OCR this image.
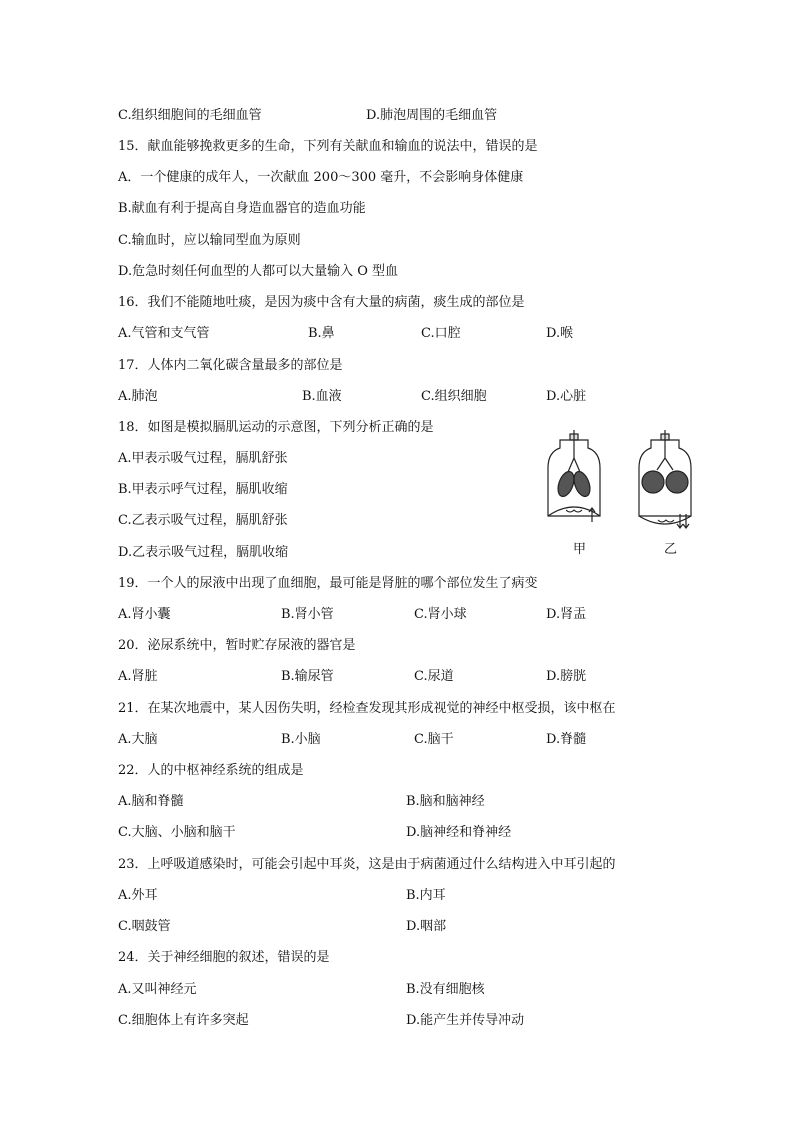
C.组织细胞间的毛细血管	D.肺泡周围的毛细血管
15．献血能够挽救更多的生命，下列有关献血和输血的说法中，错误的是
A．一个健康的成年人，一次献血 200～300 毫升，不会影响身体健康
B.献血有利于提高自身造血器官的造血功能
C.输血时，应以输同型血为原则
D.危急时刻任何血型的人都可以大量输入 O 型血
16．我们不能随地吐痰，是因为痰中含有大量的病菌，痰生成的部位是
A.气管和支气管	B.鼻	C.口腔	D.喉
17．人体内二氧化碳含量最多的部位是
A.肺泡	B.血液	C.组织细胞	D.心脏
18．如图是模拟膈肌运动的示意图，下列分析正确的是
A.甲表示吸气过程，膈肌舒张
B.甲表示呼气过程，膈肌收缩
C.乙表示吸气过程，膈肌舒张
D.乙表示吸气过程，膈肌收缩	甲	乙
19．一个人的尿液中出现了血细胞，最可能是肾脏的哪个部位发生了病变
A.肾小囊	B.肾小管	C.肾小球	D.肾盂
20．泌尿系统中，暂时贮存尿液的器官是
A.肾脏	B.输尿管	C.尿道	D.膀胱
21．在某次地震中，某人因伤失明，经检查发现其形成视觉的神经中枢受损，该中枢在
A.大脑	B.小脑	C.脑干	D.脊髓
22．人的中枢神经系统的组成是
A.脑和脊髓	B.脑和脑神经
C.大脑、小脑和脑干	D.脑神经和脊神经
23．上呼吸道感染时，可能会引起中耳炎，这是由于病菌通过什么结构进入中耳引起的
A.外耳	B.内耳
C.咽鼓管	D.咽部
24．关于神经细胞的叙述，错误的是
A.又叫神经元	B.没有细胞核
C.细胞体上有许多突起	D.能产生并传导冲动
